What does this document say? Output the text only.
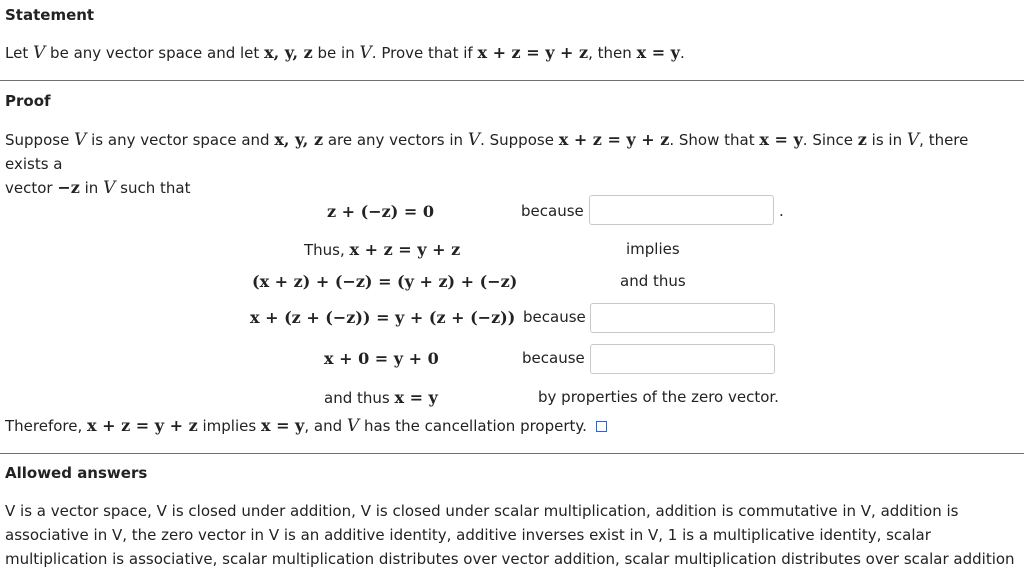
Statement
Let V be any vector space and let x, y, z be in V. Prove that if x + z = y + z, then x = y.
Proof
Suppose V is any vector space and x, y, z are any vectors in V. Suppose x + z = y + z. Show that x = y. Since z is in V, there exists a
vector −z in V such that
z + (−z) = 0	because	.
Thus, x + z = y + z	implies
(x + z) + (−z) = (y + z) + (−z)	and thus
x + (z + (−z)) = y + (z + (−z)) because
x + 0 = y + 0	because
and thus x = y	by properties of the zero vector.
Therefore, x + z = y + z implies x = y, and V has the cancellation property.
Allowed answers
V is a vector space, V is closed under addition, V is closed under scalar multiplication, addition is commutative in V, addition is associative in V, the zero vector in V is an additive identity, additive inverses exist in V, 1 is a multiplicative identity, scalar multiplication is associative, scalar multiplication distributes over vector addition, scalar multiplication distributes over scalar addition
